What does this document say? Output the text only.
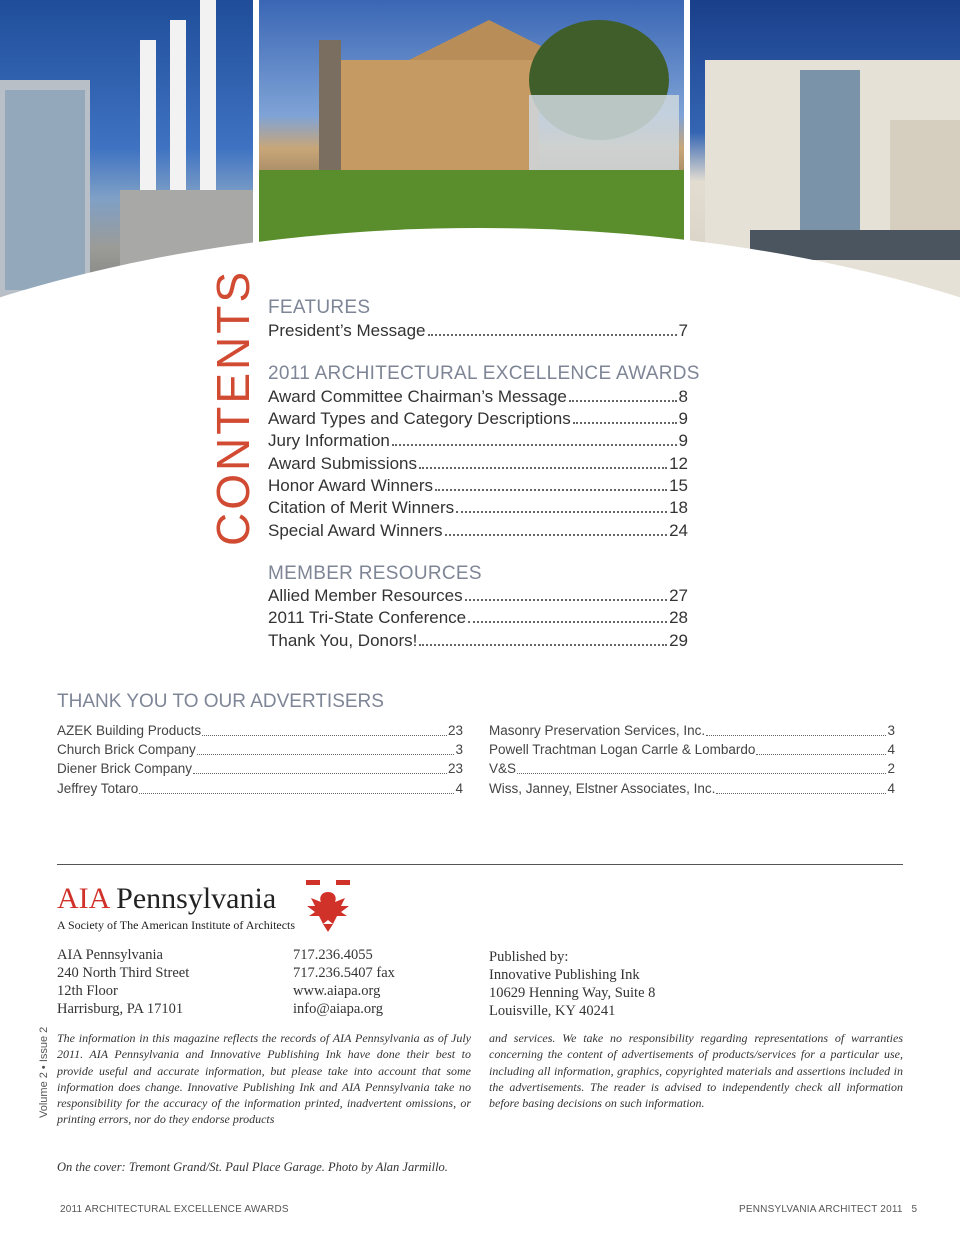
CONTENTS FEATURES
President’s Message	7
2011 ARCHITECTURAL EXCELLENCE AWARDS
Award Committee Chairman’s Message	8
Award Types and Category Descriptions	9
Jury Information	9
Award Submissions	12
Honor Award Winners	15
Citation of Merit Winners	18
Special Award Winners	24
MEMBER RESOURCES
Allied Member Resources	27
2011 Tri-State Conference	28
Thank You, Donors!	29
THANK YOU TO OUR ADVERTISERS
AZEK Building Products	23
Church Brick Company	3
Diener Brick Company	23
Jeffrey Totaro	4
Masonry Preservation Services, Inc.	3
Powell Trachtman Logan Carrle & Lombardo	4
V&S	2
Wiss, Janney, Elstner Associates, Inc.	4
AIA Pennsylvania
A Society of The American Institute of Architects
AIA Pennsylvania
240 North Third Street
12th Floor
Harrisburg, PA 17101
717.236.4055
717.236.5407 fax
www.aiapa.org
info@aiapa.org
Published by:
Innovative Publishing Ink
10629 Henning Way, Suite 8
Louisville, KY 40241
The information in this magazine reflects the records of AIA Pennsylvania as of July 2011. AIA Pennsylvania and Innovative Publishing Ink have done their best to provide useful and accurate information, but please take into account that some information does change. Innovative Publishing Ink and AIA Pennsylvania take no responsibility for the accuracy of the information printed, inadvertent omissions, or printing errors, nor do they endorse products
and services. We take no responsibility regarding representations of warranties concerning the content of advertisements of products/services for a particular use, including all information, graphics, copyrighted materials and assertions included in the advertisements. The reader is advised to independently check all information before basing decisions on such information.
Volume 2 • Issue 2
On the cover: Tremont Grand/St. Paul Place Garage. Photo by Alan Jarmillo.
2011 ARCHITECTURAL EXCELLENCE AWARDS	PENNSYLVANIA ARCHITECT 2011 5
